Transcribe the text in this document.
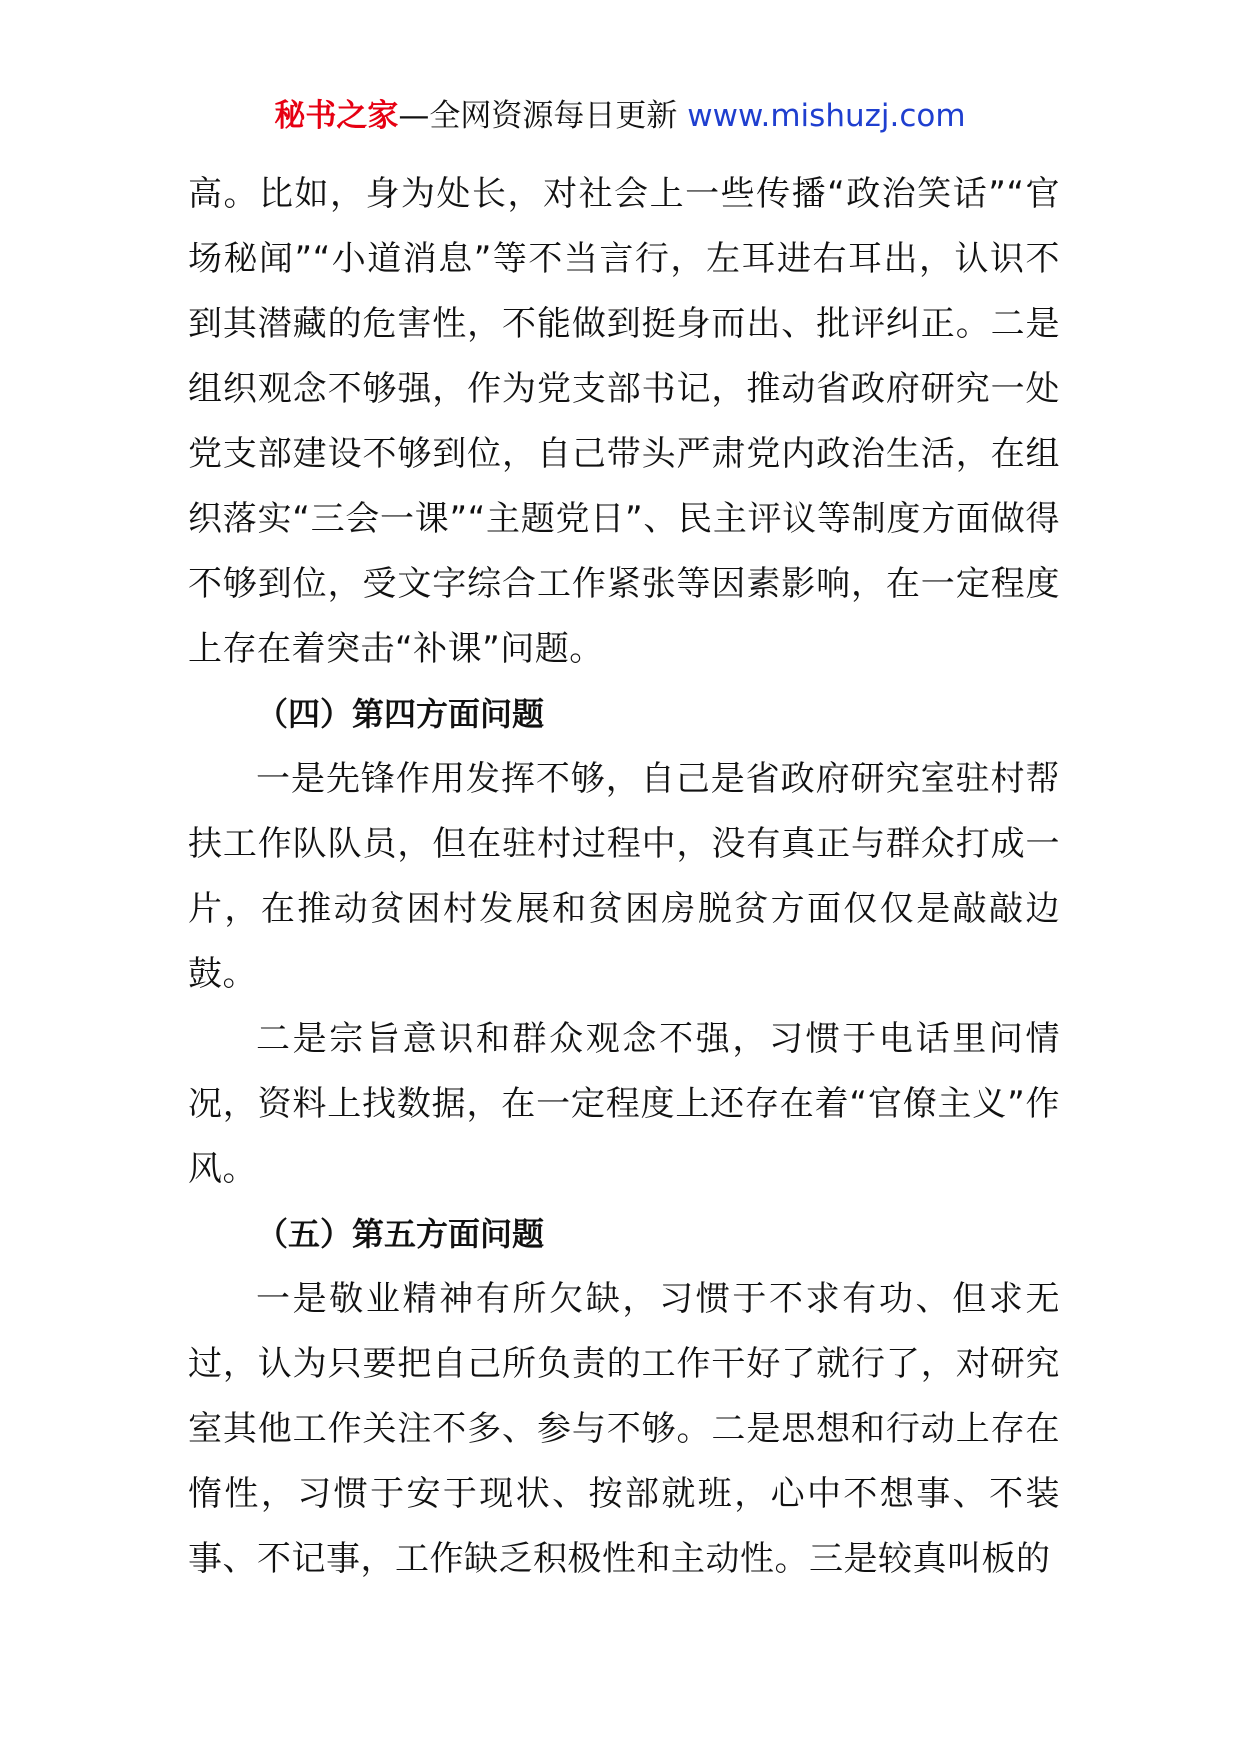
秘书之家—全网资源每日更新 www.mishuzj.com

高。比如，身为处长，对社会上一些传播“政治笑话”“官场秘闻”“小道消息”等不当言行，左耳进右耳出，认识不到其潜藏的危害性，不能做到挺身而出、批评纠正。二是组织观念不够强，作为党支部书记，推动省政府研究一处党支部建设不够到位，自己带头严肃党内政治生活，在组织落实“三会一课”“主题党日”、民主评议等制度方面做得不够到位，受文字综合工作紧张等因素影响，在一定程度上存在着突击“补课”问题。

（四）第四方面问题

一是先锋作用发挥不够，自己是省政府研究室驻村帮扶工作队队员，但在驻村过程中，没有真正与群众打成一片，在推动贫困村发展和贫困房脱贫方面仅仅是敲敲边鼓。

二是宗旨意识和群众观念不强，习惯于电话里问情况，资料上找数据，在一定程度上还存在着“官僚主义”作风。

（五）第五方面问题

一是敬业精神有所欠缺，习惯于不求有功、但求无过，认为只要把自己所负责的工作干好了就行了，对研究室其他工作关注不多、参与不够。二是思想和行动上存在惰性，习惯于安于现状、按部就班，心中不想事、不装事、不记事，工作缺乏积极性和主动性。三是较真叫板的
